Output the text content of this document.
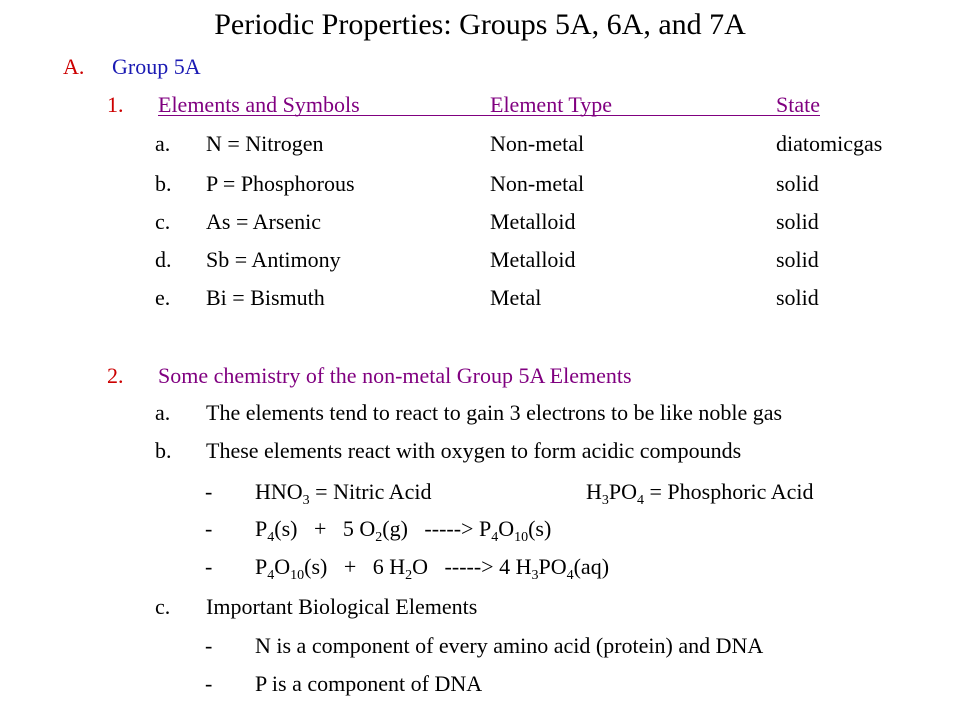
Periodic Properties: Groups 5A, 6A, and 7A
A. Group 5A
1. Elements and Symbols	Element Type	State
a. N = Nitrogen	Non-metal	diatomicgas
b. P = Phosphorous	Non-metal	solid
c. As = Arsenic	Metalloid	solid
d. Sb = Antimony	Metalloid	solid
e. Bi = Bismuth	Metal	solid
2. Some chemistry of the non-metal Group 5A Elements
a. The elements tend to react to gain 3 electrons to be like noble gas
b. These elements react with oxygen to form acidic compounds
- $HNO_3$ = Nitric Acid	$H_3PO_4$ = Phosphoric Acid
- $P_4(s) + 5$ $O_2(g)$   -----> $P_4O_{10}(s)$
- $P_4O_{10}(s) + 6$ $H_2O$   -----> 4 $H_3PO_4(aq)$
c. Important Biological Elements
- N is a component of every amino acid (protein) and DNA
- P is a component of DNA
